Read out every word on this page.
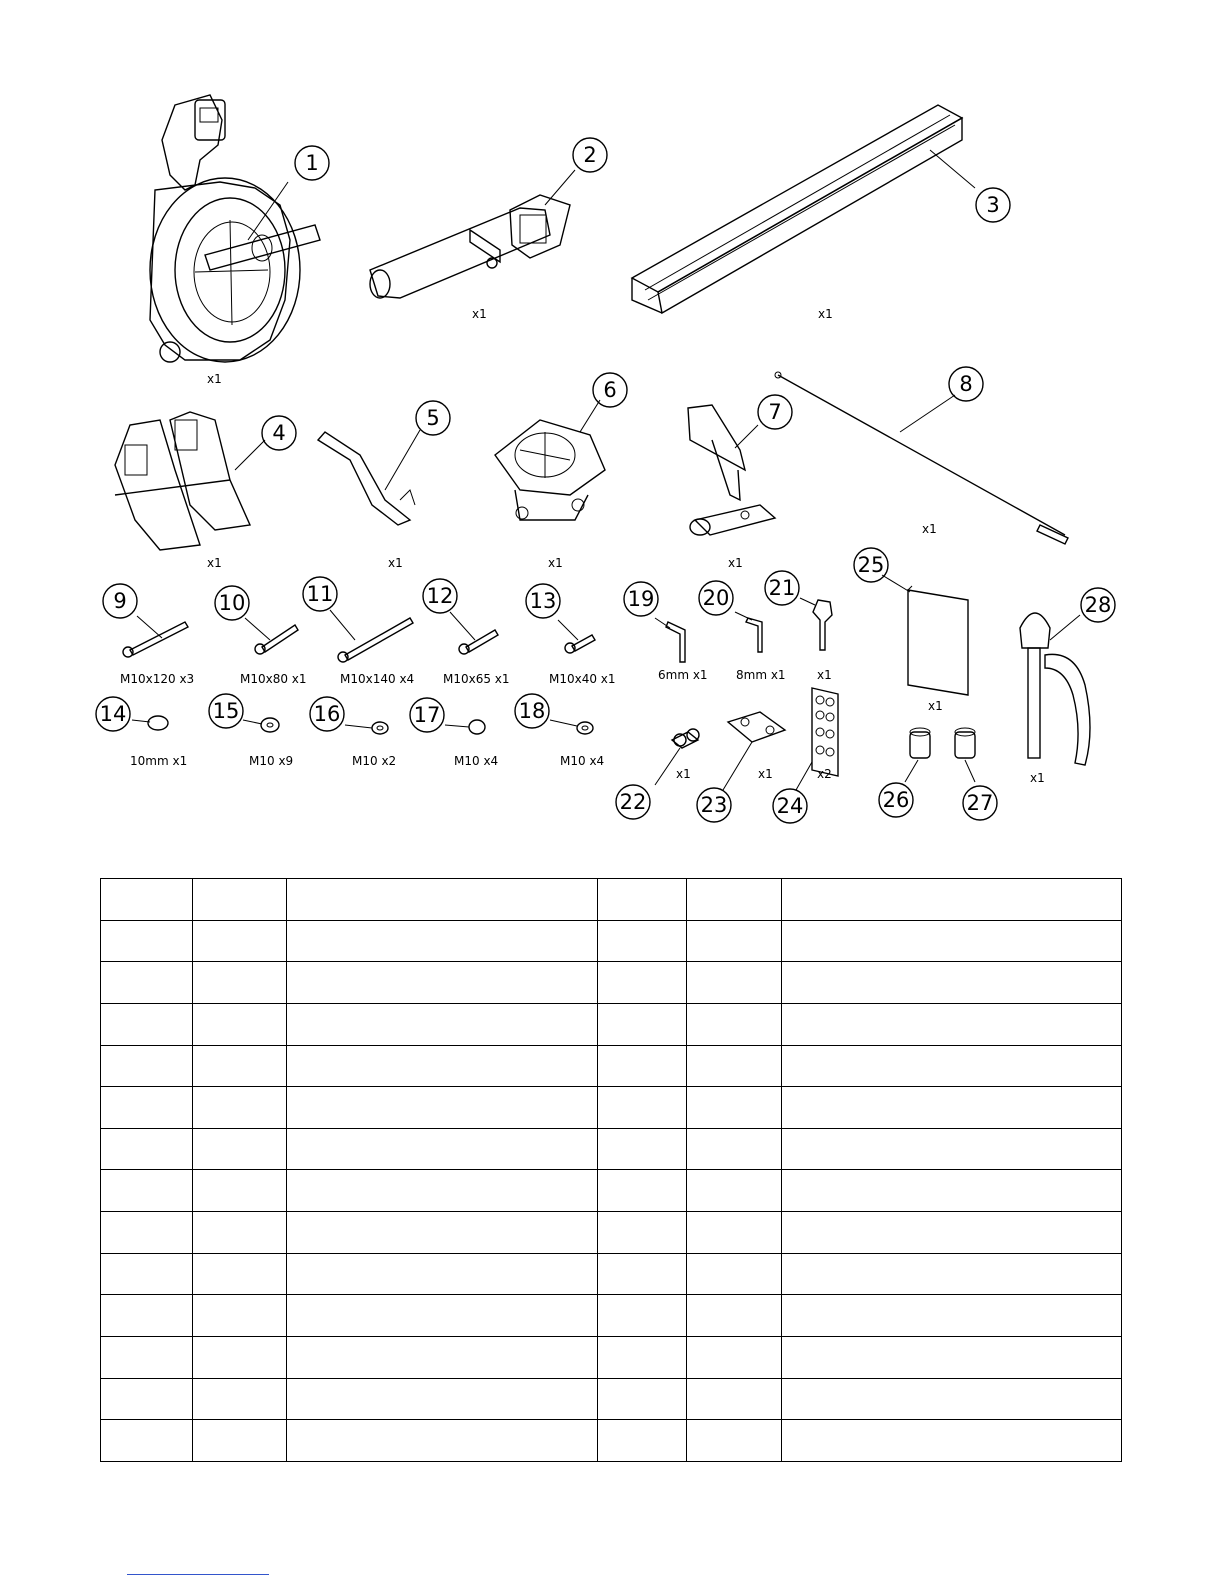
1	2
3
4
5
6
7
8
9	10	11	12	13
14	15	16	17	18
19 20 21
22	23 24
25
26	27
28
x1
x1	x1
x1	x1	x1	x1
x1
M10x120 x3	M10x80 x1	M10x140 x4 M10x65 x1	M10x40 x1
10mm x1	M10 x9	M10 x2	M10 x4	M10 x4
6mm x1 8mm x1	x1
x1	x1	x2
x1
x1
